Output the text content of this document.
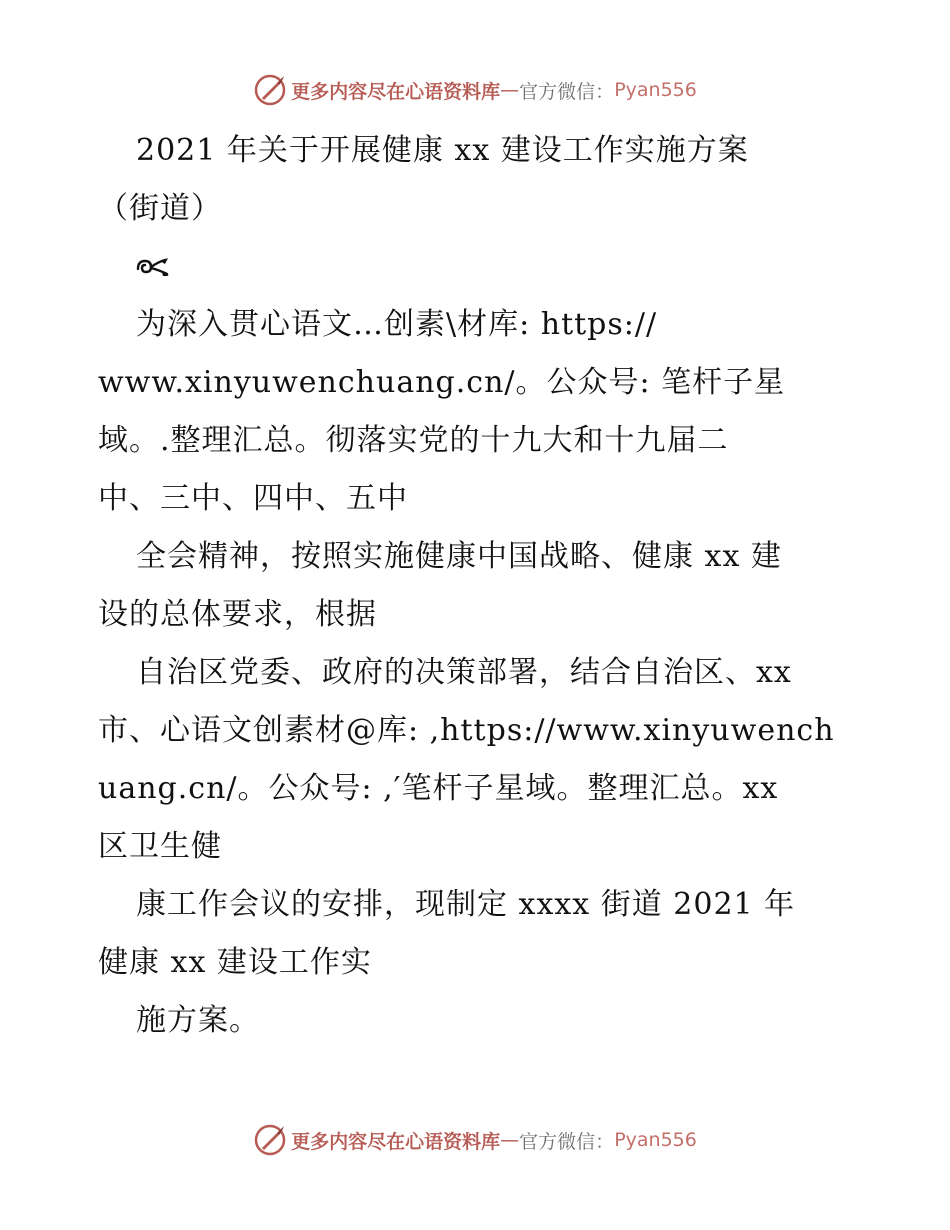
更多内容尽在心语资料库 — 官方微信： Pyan556
2021 年关于开展健康 xx 建设工作实施方案
（街道）
为深入贯心语文…创素\材库: https://
www.xinyuwenchuang.cn/。公众号: 笔杆子星
域。.整理汇总。彻落实党的十九大和十九届二
中、三中、四中、五中
全会精神，按照实施健康中国战略、健康 xx 建
设的总体要求，根据
自治区党委、政府的决策部署，结合自治区、xx
市、心语文创素材@库: ,https://www.xinyuwench
uang.cn/。公众号: ,′笔杆子星域。整理汇总。xx
区卫生健
康工作会议的安排，现制定 xxxx 街道 2021 年
健康 xx 建设工作实
施方案。
更多内容尽在心语资料库 — 官方微信： Pyan556
